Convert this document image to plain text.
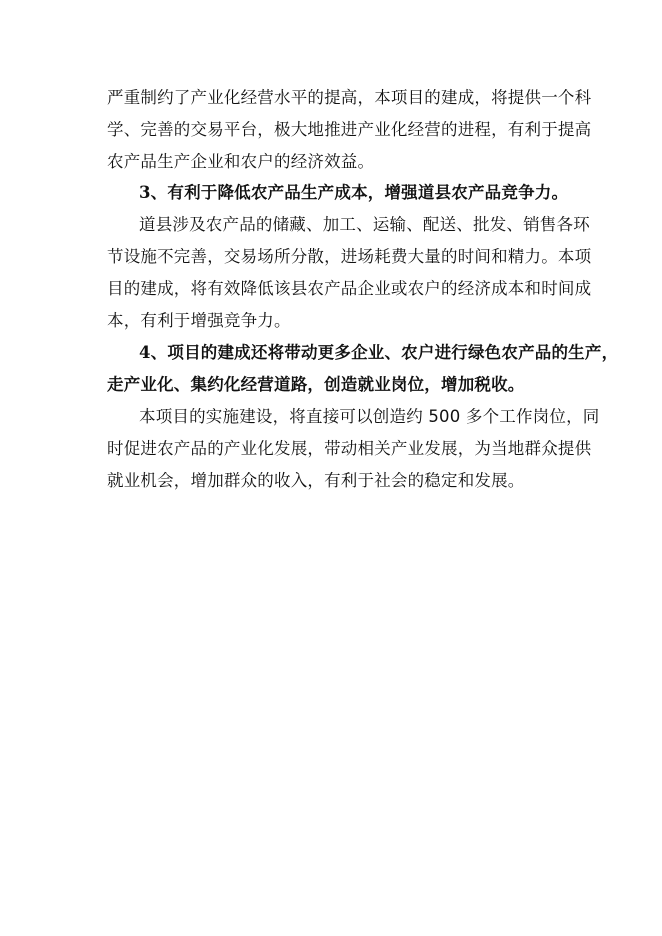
严重制约了产业化经营水平的提高，本项目的建成，将提供一个科
学、完善的交易平台，极大地推进产业化经营的进程，有利于提高
农产品生产企业和农户的经济效益。
3、有利于降低农产品生产成本，增强道县农产品竞争力。
道县涉及农产品的储藏、加工、运输、配送、批发、销售各环
节设施不完善，交易场所分散，进场耗费大量的时间和精力。本项
目的建成，将有效降低该县农产品企业或农户的经济成本和时间成
本，有利于增强竞争力。
4、项目的建成还将带动更多企业、农户进行绿色农产品的生产，
走产业化、集约化经营道路，创造就业岗位，增加税收。
本项目的实施建设，将直接可以创造约 500 多个工作岗位，同
时促进农产品的产业化发展，带动相关产业发展，为当地群众提供
就业机会，增加群众的收入，有利于社会的稳定和发展。
